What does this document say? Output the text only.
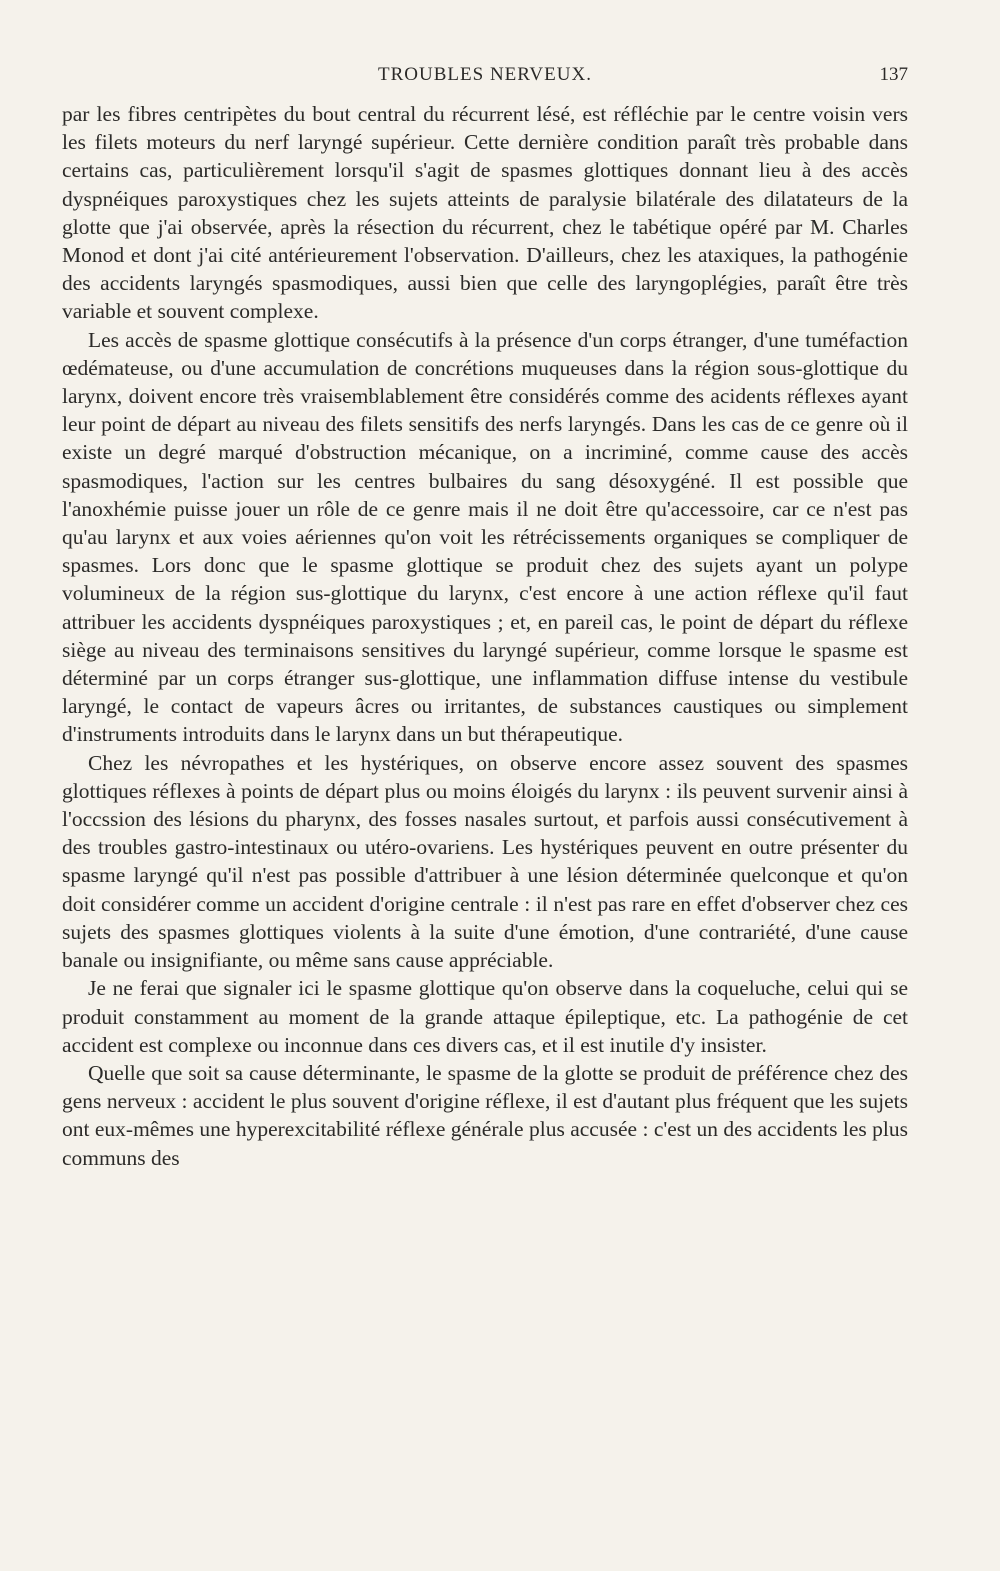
TROUBLES NERVEUX.	137

par les fibres centripètes du bout central du récurrent lésé, est réfléchie par le centre voisin vers les filets moteurs du nerf laryngé supérieur. Cette dernière condition paraît très probable dans certains cas, particulièrement lorsqu'il s'agit de spasmes glottiques donnant lieu à des accès dyspnéiques paroxystiques chez les sujets atteints de paralysie bilatérale des dilatateurs de la glotte que j'ai observée, après la résection du récurrent, chez le tabétique opéré par M. Charles Monod et dont j'ai cité antérieurement l'observation. D'ailleurs, chez les ataxiques, la pathogénie des accidents laryngés spasmodiques, aussi bien que celle des laryngoplégies, paraît être très variable et souvent complexe.

Les accès de spasme glottique consécutifs à la présence d'un corps étranger, d'une tuméfaction œdémateuse, ou d'une accumulation de concrétions muqueuses dans la région sous-glottique du larynx, doivent encore très vraisemblablement être considérés comme des acidents réflexes ayant leur point de départ au niveau des filets sensitifs des nerfs laryngés. Dans les cas de ce genre où il existe un degré marqué d'obstruction mécanique, on a incriminé, comme cause des accès spasmodiques, l'action sur les centres bulbaires du sang désoxygéné. Il est possible que l'anoxhémie puisse jouer un rôle de ce genre mais il ne doit être qu'accessoire, car ce n'est pas qu'au larynx et aux voies aériennes qu'on voit les rétrécissements organiques se compliquer de spasmes. Lors donc que le spasme glottique se produit chez des sujets ayant un polype volumineux de la région sus-glottique du larynx, c'est encore à une action réflexe qu'il faut attribuer les accidents dyspnéiques paroxystiques ; et, en pareil cas, le point de départ du réflexe siège au niveau des terminaisons sensitives du laryngé supérieur, comme lorsque le spasme est déterminé par un corps étranger sus-glottique, une inflammation diffuse intense du vestibule laryngé, le contact de vapeurs âcres ou irritantes, de substances caustiques ou simplement d'instruments introduits dans le larynx dans un but thérapeutique.

Chez les névropathes et les hystériques, on observe encore assez souvent des spasmes glottiques réflexes à points de départ plus ou moins éloigés du larynx : ils peuvent survenir ainsi à l'occssion des lésions du pharynx, des fosses nasales surtout, et parfois aussi consécutivement à des troubles gastro-intestinaux ou utéro-ovariens. Les hystériques peuvent en outre présenter du spasme laryngé qu'il n'est pas possible d'attribuer à une lésion déterminée quelconque et qu'on doit considérer comme un accident d'origine centrale : il n'est pas rare en effet d'observer chez ces sujets des spasmes glottiques violents à la suite d'une émotion, d'une contrariété, d'une cause banale ou insignifiante, ou même sans cause appréciable.

Je ne ferai que signaler ici le spasme glottique qu'on observe dans la coqueluche, celui qui se produit constamment au moment de la grande attaque épileptique, etc. La pathogénie de cet accident est complexe ou inconnue dans ces divers cas, et il est inutile d'y insister.

Quelle que soit sa cause déterminante, le spasme de la glotte se produit de préférence chez des gens nerveux : accident le plus souvent d'origine réflexe, il est d'autant plus fréquent que les sujets ont eux-mêmes une hyperexcitabilité réflexe générale plus accusée : c'est un des accidents les plus communs des
